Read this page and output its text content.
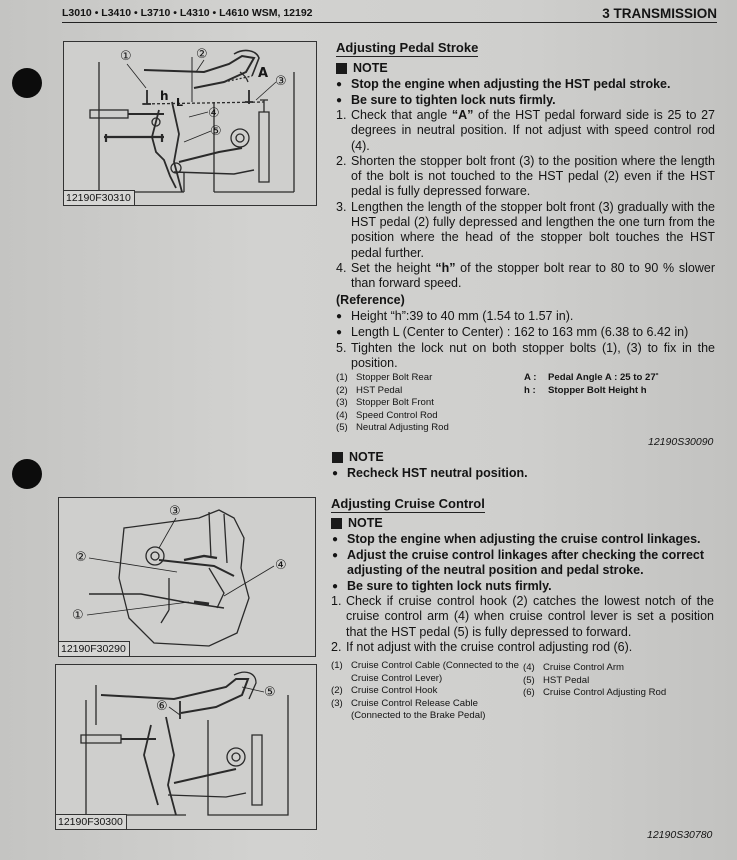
L3010 • L3410 • L3710 • L4310 • L4610 WSM, 12192	3 TRANSMISSION
①	②
③
④
⑤
A
h L
12190F30310
Adjusting Pedal Stroke
NOTE
● Stop the engine when adjusting the HST pedal stroke.
● Be sure to tighten lock nuts firmly.
1. Check that angle “A” of the HST pedal forward side is 25 to 27 degrees in neutral position. If not adjust with speed control rod (4).
2. Shorten the stopper bolt front (3) to the position where the length of the bolt is not touched to the HST pedal (2) even if the HST pedal is fully depressed forware.
3. Lengthen the length of the stopper bolt front (3) gradually with the HST pedal (2) fully depressed and lengthen the one turn from the position where the head of the stopper bolt touches the HST pedal further.
4. Set the height “h” of the stopper bolt rear to 80 to 90 % slower than forward speed.
(Reference)
● Height “h”:39 to 40 mm (1.54 to 1.57 in).
● Length L (Center to Center) : 162 to 163 mm (6.38 to 6.42 in)
5. Tighten the lock nut on both stopper bolts (1), (3) to fix in the position.
(1) Stopper Bolt Rear
(2) HST Pedal
(3) Stopper Bolt Front
(4) Speed Control Rod
(5) Neutral Adjusting Rod
A : Pedal Angle A : 25 to 27˚
h : Stopper Bolt Height h
12190S30090
NOTE
● Recheck HST neutral position.
③
②
④
①
12190F30290
⑤
⑥
12190F30300
Adjusting Cruise Control
NOTE
● Stop the engine when adjusting the cruise control linkages.
● Adjust the cruise control linkages after checking the correct adjusting of the neutral position and pedal stroke.
● Be sure to tighten lock nuts firmly.
1. Check if cruise control hook (2) catches the lowest notch of the cruise control arm (4) when cruise control lever is set a position that the HST pedal (5) is fully depressed to forward.
2. If not adjust with the cruise control adjusting rod (6).
(1) Cruise Control Cable (Connected to the Cruise Control Lever)
(2) Cruise Control Hook
(3) Cruise Control Release Cable (Connected to the Brake Pedal)
(4) Cruise Control Arm
(5) HST Pedal
(6) Cruise Control Adjusting Rod
12190S30780
